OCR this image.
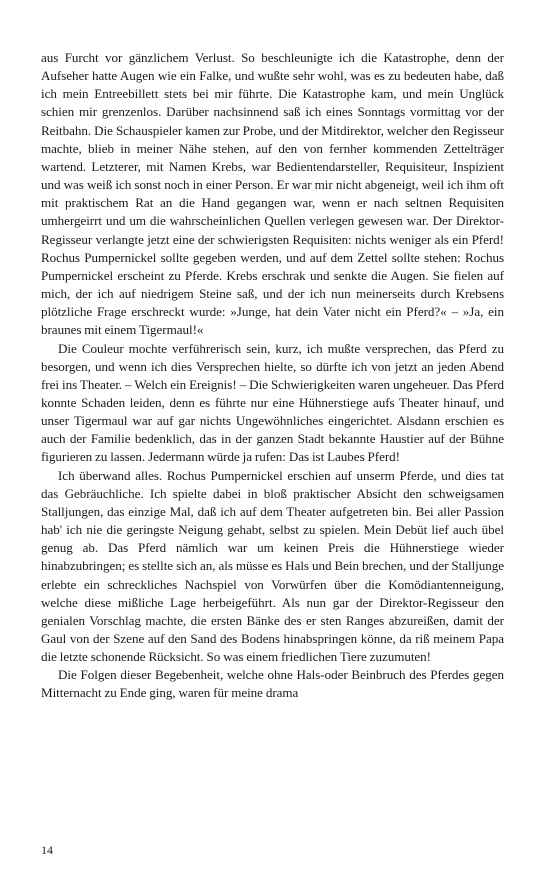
aus Furcht vor gänzlichem Verlust. So beschleunigte ich die Katastrophe, denn der Aufseher hatte Augen wie ein Falke, und wußte sehr wohl, was es zu bedeuten habe, daß ich mein Entreebillett stets bei mir führte. Die Katastrophe kam, und mein Unglück schien mir grenzenlos. Darüber nachsinnend saß ich eines Sonntags vormittag vor der Reitbahn. Die Schauspieler kamen zur Probe, und der Mitdirektor, welcher den Regisseur machte, blieb in meiner Nähe stehen, auf den von fernher kommenden Zettelträger wartend. Letzterer, mit Namen Krebs, war Bedientendarsteller, Requisiteur, Inspizient und was weiß ich sonst noch in einer Person. Er war mir nicht abgeneigt, weil ich ihm oft mit praktischem Rat an die Hand gegangen war, wenn er nach seltnen Requisiten umhergeirrt und um die wahrscheinlichen Quellen verlegen gewesen war. Der Direktor-Regisseur verlangte jetzt eine der schwierigsten Requisiten: nichts weniger als ein Pferd! Rochus Pumpernickel sollte gegeben werden, und auf dem Zettel sollte stehen: Rochus Pumpernickel erscheint zu Pferde. Krebs erschrak und senkte die Augen. Sie fielen auf mich, der ich auf niedrigem Steine saß, und der ich nun meinerseits durch Krebsens plötzliche Frage erschreckt wurde: »Junge, hat dein Vater nicht ein Pferd?« – »Ja, ein braunes mit einem Tigermaul!«

Die Couleur mochte verführerisch sein, kurz, ich mußte versprechen, das Pferd zu besorgen, und wenn ich dies Versprechen hielte, so dürfte ich von jetzt an jeden Abend frei ins Theater. – Welch ein Ereignis! – Die Schwierigkeiten waren ungeheuer. Das Pferd konnte Schaden leiden, denn es führte nur eine Hühnerstiege aufs Theater hinauf, und unser Tigermaul war auf gar nichts Ungewöhnliches eingerichtet. Alsdann erschien es auch der Familie bedenklich, das in der ganzen Stadt bekannte Haustier auf der Bühne figurieren zu lassen. Jedermann würde ja rufen: Das ist Laubes Pferd!

Ich überwand alles. Rochus Pumpernickel erschien auf unserm Pferde, und dies tat das Gebräuchliche. Ich spielte dabei in bloß praktischer Absicht den schweigsamen Stalljungen, das einzige Mal, daß ich auf dem Theater aufgetreten bin. Bei aller Passion hab' ich nie die geringste Neigung gehabt, selbst zu spielen. Mein Debüt lief auch übel genug ab. Das Pferd nämlich war um keinen Preis die Hühnerstiege wieder hinabzubringen; es stellte sich an, als müsse es Hals und Bein brechen, und der Stalljunge erlebte ein schreckliches Nachspiel von Vorwürfen über die Komödiantenneigung, welche diese mißliche Lage herbeigeführt. Als nun gar der Direktor-Regisseur den genialen Vorschlag machte, die ersten Bänke des er sten Ranges abzureißen, damit der Gaul von der Szene auf den Sand des Bodens hinabspringen könne, da riß meinem Papa die letzte schonende Rücksicht. So was einem friedlichen Tiere zuzumuten!

Die Folgen dieser Begebenheit, welche ohne Hals-oder Beinbruch des Pferdes gegen Mitternacht zu Ende ging, waren für meine drama

14
